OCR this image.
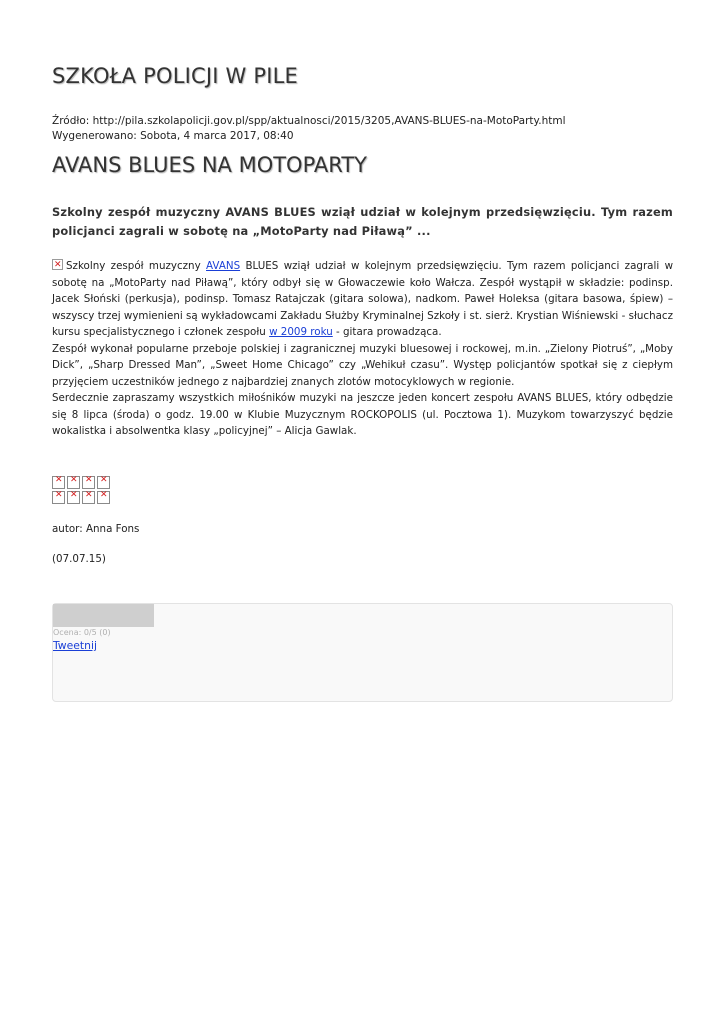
SZKOŁA POLICJI W PILE
Źródło: http://pila.szkolapolicji.gov.pl/spp/aktualnosci/2015/3205,AVANS-BLUES-na-MotoParty.html
Wygenerowano: Sobota, 4 marca 2017, 08:40
AVANS BLUES NA MOTOPARTY
Szkolny zespół muzyczny AVANS BLUES wziął udział w kolejnym przedsięwzięciu. Tym razem policjanci zagrali w sobotę na „MotoParty nad Piławą” ...

✕Szkolny zespół muzyczny AVANS BLUES wziął udział w kolejnym przedsięwzięciu. Tym razem policjanci zagrali w sobotę na „MotoParty nad Piławą”, który odbył się w Głowaczewie koło Wałcza. Zespół wystąpił w składzie: podinsp. Jacek Słoński (perkusja), podinsp. Tomasz Ratajczak (gitara solowa), nadkom. Paweł Holeksa (gitara basowa, śpiew) – wszyscy trzej wymienieni są wykładowcami Zakładu Służby Kryminalnej Szkoły i st. sierż. Krystian Wiśniewski - słuchacz kursu specjalistycznego i członek zespołu w 2009 roku - gitara prowadząca.

Zespół wykonał popularne przeboje polskiej i zagranicznej muzyki bluesowej i rockowej, m.in. „Zielony Piotruś”, „Moby Dick”, „Sharp Dressed Man”, „Sweet Home Chicago” czy „Wehikuł czasu”. Występ policjantów spotkał się z ciepłym przyjęciem uczestników jednego z najbardziej znanych zlotów motocyklowych w regionie.

Serdecznie zapraszamy wszystkich miłośników muzyki na jeszcze jeden koncert zespołu AVANS BLUES, który odbędzie się 8 lipca (środa) o godz. 19.00 w Klubie Muzycznym ROCKOPOLIS (ul. Pocztowa 1). Muzykom towarzyszyć będzie wokalistka i absolwentka klasy „policyjnej” – Alicja Gawlak.

✕
✕
✕
✕
✕
✕
✕
✕
autor: Anna Fons
(07.07.15)
Ocena: 0/5 (0)
Tweetnij
